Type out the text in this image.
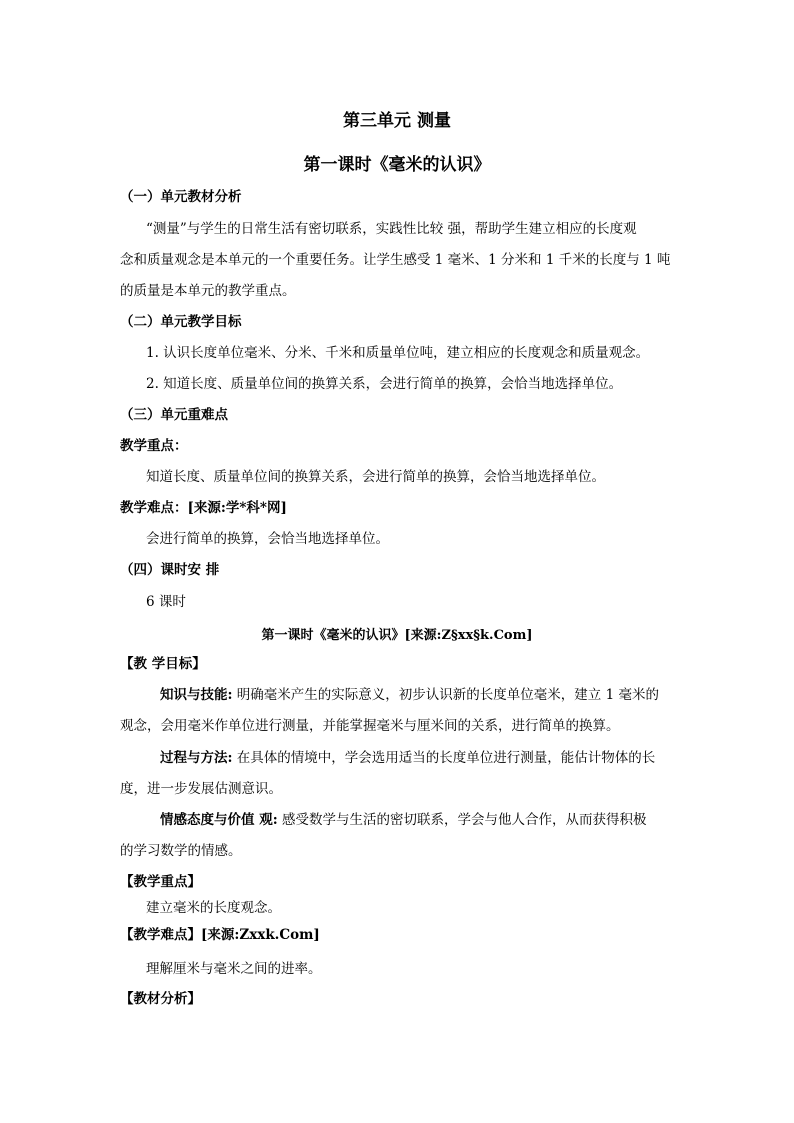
第三单元 测量
第一课时《毫米的认识》
（一）单元教材分析
“测量”与学生的日常生活有密切联系，实践性比较 强，帮助学生建立相应的长度观
念和质量观念是本单元的一个重要任务。让学生感受 1 毫米、1 分米和 1 千米的长度与 1 吨
的质量是本单元的教学重点。
（二）单元教学目标
1. 认识长度单位毫米、分米、千米和质量单位吨，建立相应的长度观念和质量观念。
2. 知道长度、质量单位间的换算关系，会进行简单的换算，会恰当地选择单位。
（三）单元重难点
教学重点：
知道长度、质量单位间的换算关系，会进行简单的换算，会恰当地选择单位。
教学难点：[来源:学*科*网]
会进行简单的换算，会恰当地选择单位。
（四）课时安 排
6 课时
第一课时《毫米的认识》[来源:Z§xx§k.Com]
【教 学目标】
知识与技能: 明确毫米产生的实际意义，初步认识新的长度单位毫米，建立 1 毫米的
观念，会用毫米作单位进行测量，并能掌握毫米与厘米间的关系，进行简单的换算。
过程与方法: 在具体的情境中，学会选用适当的长度单位进行测量，能估计物体的长
度，进一步发展估测意识。
情感态度与价值 观: 感受数学与生活的密切联系，学会与他人合作，从而获得积极
的学习数学的情感。
【教学重点】
建立毫米的长度观念。
【教学难点】[来源:Zxxk.Com]
理解厘米与毫米之间的进率。
【教材分析】
